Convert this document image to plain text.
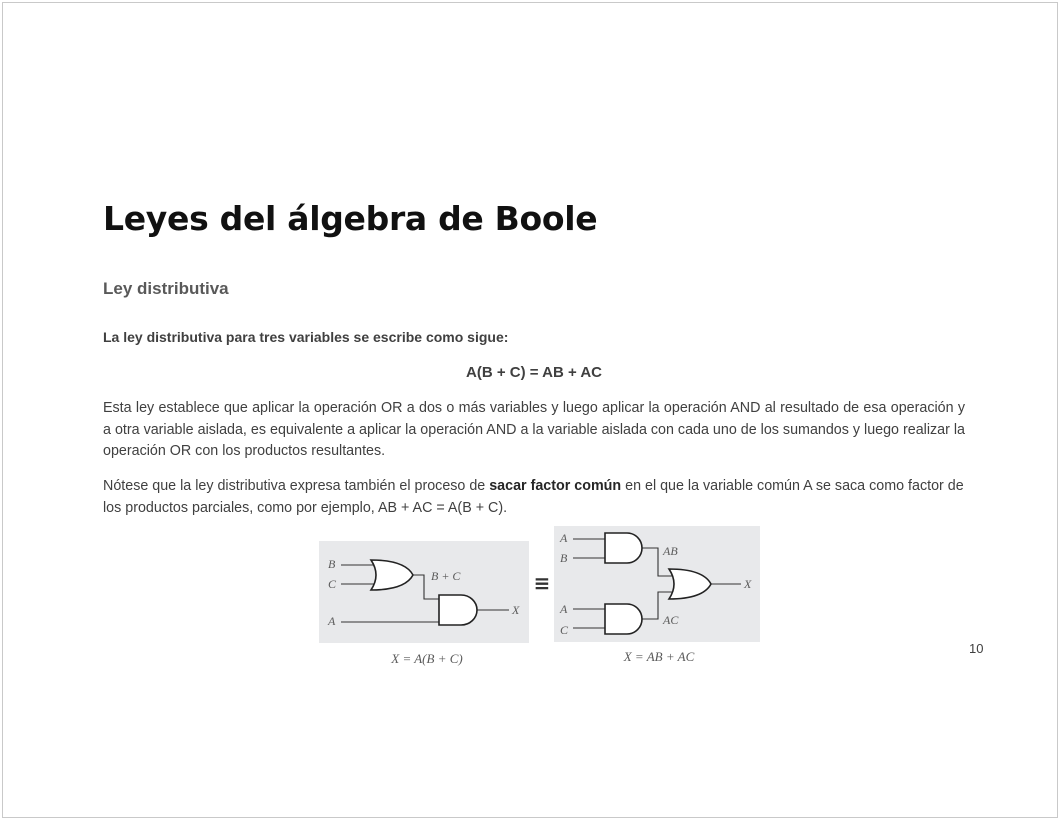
Leyes del álgebra de Boole
Ley distributiva
La ley distributiva para tres variables se escribe como sigue:
A(B + C) = AB + AC

Esta ley establece que aplicar la operación OR a dos o más variables y luego aplicar la operación AND al resultado de esa operación y a otra variable aislada, es equivalente a aplicar la operación AND a la variable aislada con cada uno de los sumandos y luego realizar la operación OR con los productos resultantes.

Nótese que la ley distributiva expresa también el proceso de sacar factor común en el que la variable común A se saca como factor de los productos parciales, como por ejemplo, AB + AC = A(B + C).

B
C
A
B + C
X
X = A(B + C)
≡
A
B
A
C
AB
AC
X
X = AB + AC
10
